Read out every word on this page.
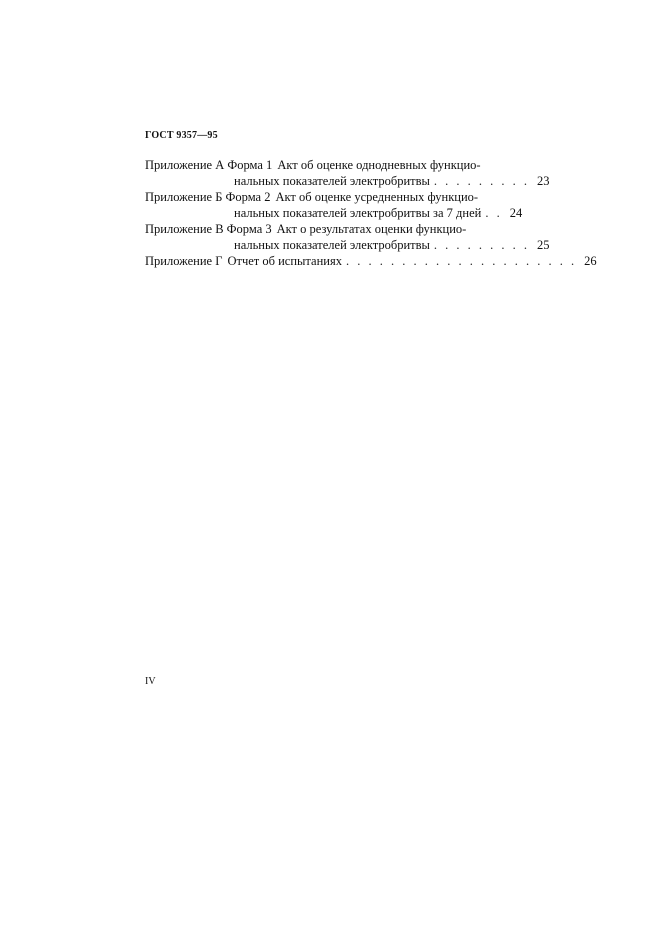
ГОСТ 9357—95
Приложение А Форма 1 Акт об оценке однодневных функцио-
нальных показателей электробритвы . . . . . . . . . 23
Приложение Б Форма 2 Акт об оценке усредненных функцио-
нальных показателей электробритвы за 7 дней . . 24
Приложение В Форма 3 Акт о результатах оценки функцио-
нальных показателей электробритвы . . . . . . . . . 25
Приложение Г Отчет об испытаниях . . . . . . . . . . . . . . . . . . . . . 26
IV
